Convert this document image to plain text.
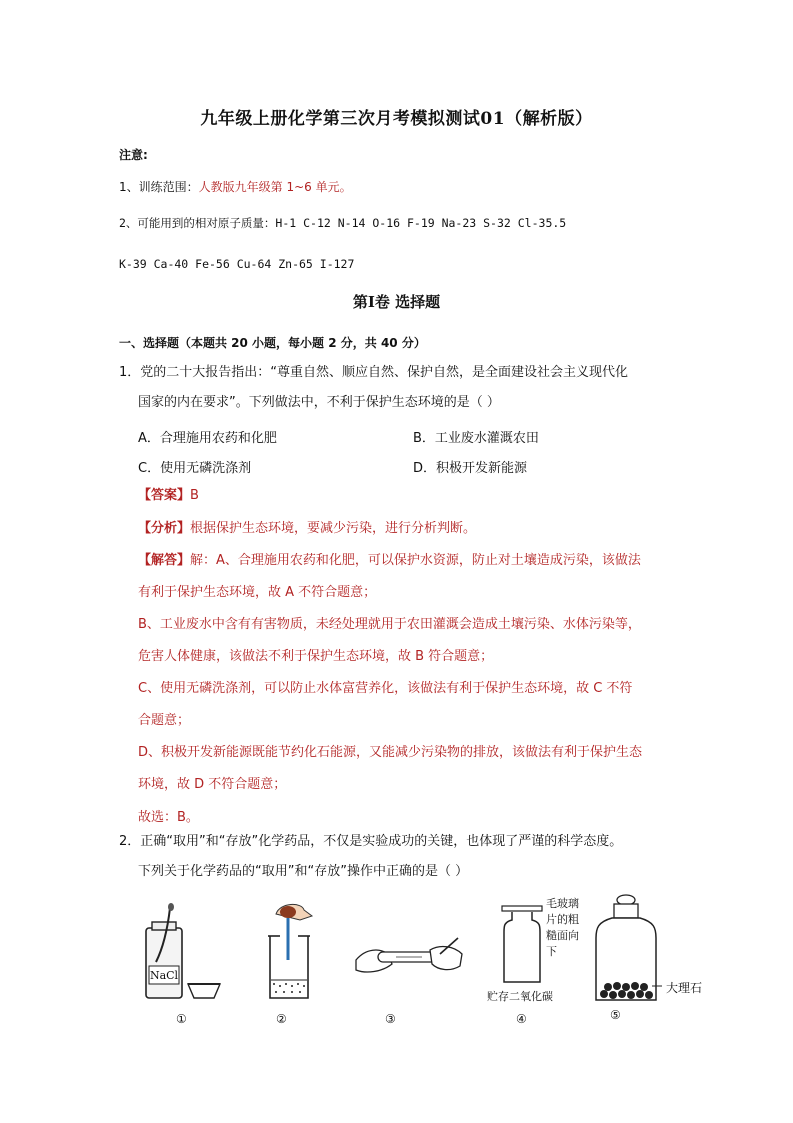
九年级上册化学第三次月考模拟测试01（解析版）
注意:
1、训练范围：人教版九年级第 1~6 单元。
2、可能用到的相对原子质量：H-1 C-12 N-14 O-16 F-19 Na-23 S-32 Cl-35.5
K-39 Ca-40 Fe-56 Cu-64 Zn-65 I-127
第Ⅰ卷 选择题
一、选择题（本题共 20 小题，每小题 2 分，共 40 分）
1．党的二十大报告指出：“尊重自然、顺应自然、保护自然，是全面建设社会主义现代化
国家的内在要求”。下列做法中，不利于保护生态环境的是（ ）
A．合理施用农药和化肥	B．工业废水灌溉农田
C．使用无磷洗涤剂	D．积极开发新能源
【答案】B
【分析】根据保护生态环境，要减少污染，进行分析判断。
【解答】解：A、合理施用农药和化肥，可以保护水资源，防止对土壤造成污染，该做法
有利于保护生态环境，故 A 不符合题意；
B、工业废水中含有有害物质，未经处理就用于农田灌溉会造成土壤污染、水体污染等，
危害人体健康，该做法不利于保护生态环境，故 B 符合题意；
C、使用无磷洗涤剂，可以防止水体富营养化，该做法有利于保护生态环境，故 C 不符
合题意；
D、积极开发新能源既能节约化石能源，又能减少污染物的排放，该做法有利于保护生态
环境，故 D 不符合题意；
故选：B。
2．正确“取用”和“存放”化学药品，不仅是实验成功的关键，也体现了严谨的科学态度。
下列关于化学药品的“取用”和“存放”操作中正确的是（ ）
NaCl
毛玻璃
片的粗
糙面向
下
贮存二氧化碳
大理石
①	②	③	④	⑤
